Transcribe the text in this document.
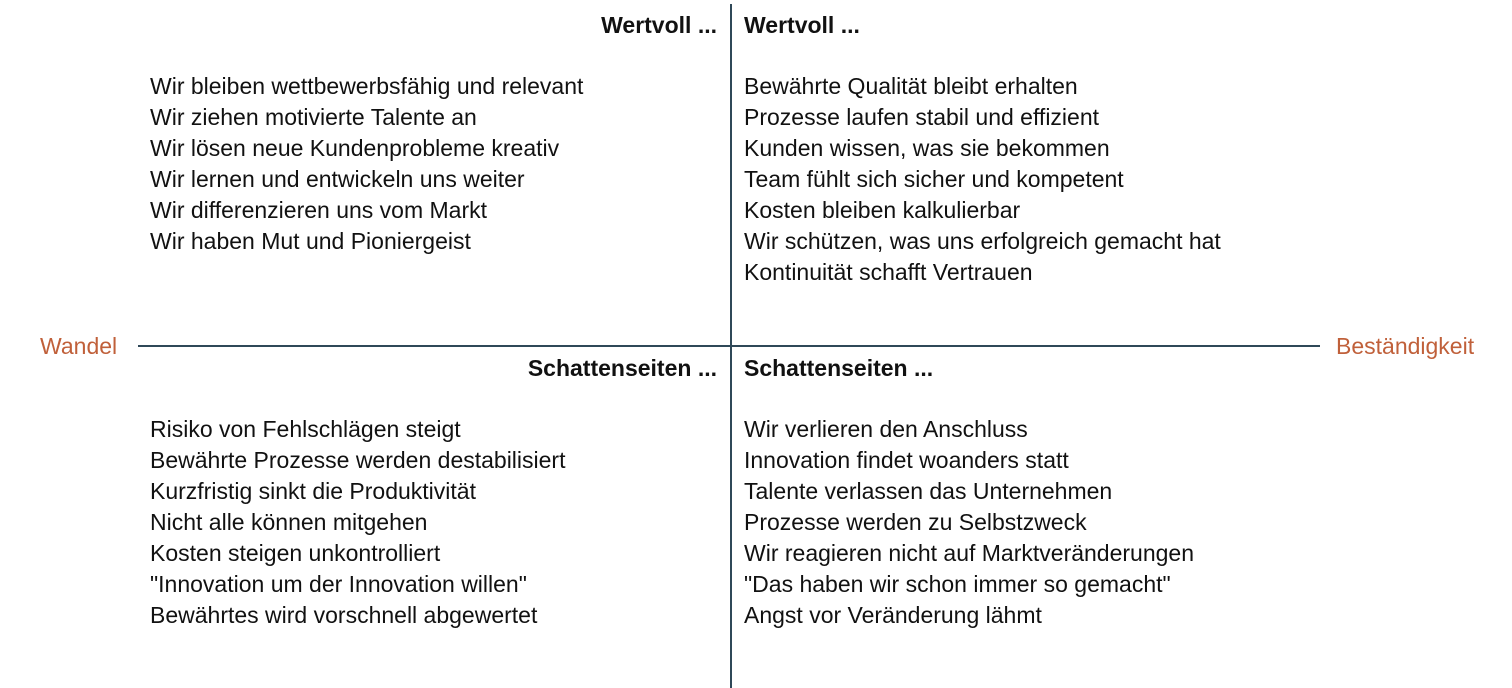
Wandel	Beständigkeit
Wertvoll ... Wertvoll ...
Schattenseiten ... Schattenseiten ...
Wir bleiben wettbewerbsfähig und relevant
Wir ziehen motivierte Talente an
Wir lösen neue Kundenprobleme kreativ
Wir lernen und entwickeln uns weiter
Wir differenzieren uns vom Markt
Wir haben Mut und Pioniergeist
Bewährte Qualität bleibt erhalten
Prozesse laufen stabil und effizient
Kunden wissen, was sie bekommen
Team fühlt sich sicher und kompetent
Kosten bleiben kalkulierbar
Wir schützen, was uns erfolgreich gemacht hat
Kontinuität schafft Vertrauen
Risiko von Fehlschlägen steigt
Bewährte Prozesse werden destabilisiert
Kurzfristig sinkt die Produktivität
Nicht alle können mitgehen
Kosten steigen unkontrolliert
"Innovation um der Innovation willen"
Bewährtes wird vorschnell abgewertet
Wir verlieren den Anschluss
Innovation findet woanders statt
Talente verlassen das Unternehmen
Prozesse werden zu Selbstzweck
Wir reagieren nicht auf Marktveränderungen
"Das haben wir schon immer so gemacht"
Angst vor Veränderung lähmt
